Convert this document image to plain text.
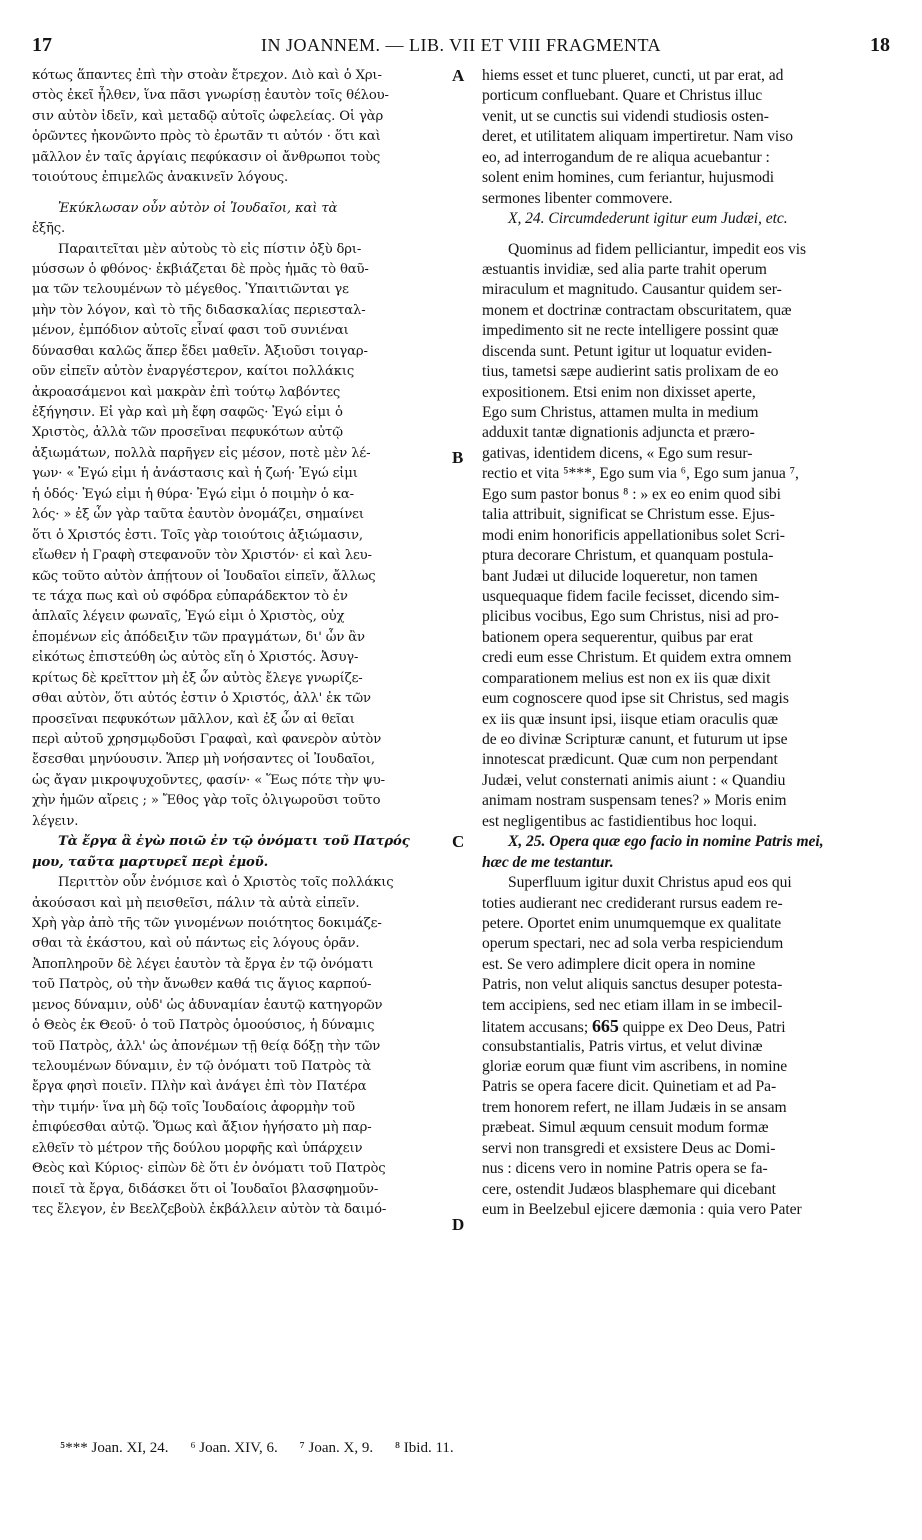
17	IN JOANNEM. — LIB. VII ET VIII FRAGMENTA	18
κότως ἅπαντες ἐπὶ τὴν στοὰν ἔτρεχον. Διὸ καὶ ὁ Χρι-
στὸς ἐκεῖ ἦλθεν, ἵνα πᾶσι γνωρίσῃ ἑαυτὸν τοῖς θέλου-
σιν αὐτὸν ἰδεῖν, καὶ μεταδῷ αὐτοῖς ὠφελείας. Οἱ γὰρ
ὁρῶντες ἠκονῶντο πρὸς τὸ ἐρωτᾶν τι αὐτόν · ὅτι καὶ
μᾶλλον ἐν ταῖς ἀργίαις πεφύκασιν οἱ ἄνθρωποι τοὺς
τοιούτους ἐπιμελῶς ἀνακινεῖν λόγους.
Ἐκύκλωσαν οὖν αὐτὸν οἱ Ἰουδαῖοι, καὶ τὰ
ἑξῆς.
Παραιτεῖται μὲν αὐτοὺς τὸ εἰς πίστιν ὀξὺ δρι-
μύσσων ὁ φθόνος· ἐκβιάζεται δὲ πρὸς ἡμᾶς τὸ θαῦ-
μα τῶν τελουμένων τὸ μέγεθος. Ὑπαιτιῶνται γε
μὴν τὸν λόγον, καὶ τὸ τῆς διδασκαλίας περιεσταλ-
μένον, ἐμπόδιον αὐτοῖς εἶναί φασι τοῦ συνιέναι
δύνασθαι καλῶς ἅπερ ἔδει μαθεῖν. Ἀξιοῦσι τοιγαρ-
οῦν εἰπεῖν αὐτὸν ἐναργέστερον, καίτοι πολλάκις
ἀκροασάμενοι καὶ μακρὰν ἐπὶ τούτῳ λαβόντες
ἐξήγησιν. Εἰ γὰρ καὶ μὴ ἔφη σαφῶς· Ἐγώ εἰμι ὁ
Χριστὸς, ἀλλὰ τῶν προσεῖναι πεφυκότων αὐτῷ
ἀξιωμάτων, πολλὰ παρῆγεν εἰς μέσον, ποτὲ μὲν λέ-
γων· « Ἐγώ εἰμι ἡ ἀνάστασις καὶ ἡ ζωή· Ἐγώ εἰμι
ἡ ὁδός· Ἐγώ εἰμι ἡ θύρα· Ἐγώ εἰμι ὁ ποιμὴν ὁ κα-
λός· » ἐξ ὧν γὰρ ταῦτα ἑαυτὸν ὀνομάζει, σημαίνει
ὅτι ὁ Χριστός ἐστι. Τοῖς γὰρ τοιούτοις ἀξιώμασιν,
εἴωθεν ἡ Γραφὴ στεφανοῦν τὸν Χριστόν· εἰ καὶ λευ-
κῶς τοῦτο αὐτὸν ἀπῄτουν οἱ Ἰουδαῖοι εἰπεῖν, ἄλλως
τε τάχα πως καὶ οὐ σφόδρα εὐπαράδεκτον τὸ ἐν
ἁπλαῖς λέγειν φωναῖς, Ἐγώ εἰμι ὁ Χριστὸς, οὐχ
ἑπομένων εἰς ἀπόδειξιν τῶν πραγμάτων, δι' ὧν ἂν
εἰκότως ἐπιστεύθη ὡς αὐτὸς εἴη ὁ Χριστός. Ἀσυγ-
κρίτως δὲ κρεῖττον μὴ ἐξ ὧν αὐτὸς ἔλεγε γνωρίζε-
σθαι αὐτὸν, ὅτι αὐτός ἐστιν ὁ Χριστός, ἀλλ' ἐκ τῶν
προσεῖναι πεφυκότων μᾶλλον, καὶ ἐξ ὧν αἱ θεῖαι
περὶ αὐτοῦ χρησμῳδοῦσι Γραφαὶ, καὶ φανερὸν αὐτὸν
ἔσεσθαι μηνύουσιν. Ἅπερ μὴ νοήσαντες οἱ Ἰουδαῖοι,
ὡς ἄγαν μικροψυχοῦντες, φασίν· « Ἕως πότε τὴν ψυ-
χὴν ἡμῶν αἴρεις ; » Ἔθος γὰρ τοῖς ὀλιγωροῦσι τοῦτο
λέγειν.
Τὰ ἔργα ἃ ἐγὼ ποιῶ ἐν τῷ ὀνόματι τοῦ Πατρός
μου, ταῦτα μαρτυρεῖ περὶ ἐμοῦ.
Περιττὸν οὖν ἐνόμισε καὶ ὁ Χριστὸς τοῖς πολλάκις
ἀκούσασι καὶ μὴ πεισθεῖσι, πάλιν τὰ αὐτὰ εἰπεῖν.
Χρὴ γὰρ ἀπὸ τῆς τῶν γινομένων ποιότητος δοκιμάζε-
σθαι τὰ ἑκάστου, καὶ οὐ πάντως εἰς λόγους ὁρᾶν.
Ἀποπληροῦν δὲ λέγει ἑαυτὸν τὰ ἔργα ἐν τῷ ὀνόματι
τοῦ Πατρὸς, οὐ τὴν ἄνωθεν καθά τις ἅγιος καρπού-
μενος δύναμιν, οὐδ' ὡς ἀδυναμίαν ἑαυτῷ κατηγορῶν
ὁ Θεὸς ἐκ Θεοῦ· ὁ τοῦ Πατρὸς ὁμοούσιος, ἡ δύναμις
τοῦ Πατρὸς, ἀλλ' ὡς ἀπονέμων τῇ θείᾳ δόξῃ τὴν τῶν
τελουμένων δύναμιν, ἐν τῷ ὀνόματι τοῦ Πατρὸς τὰ
ἔργα φησὶ ποιεῖν. Πλὴν καὶ ἀνάγει ἐπὶ τὸν Πατέρα
τὴν τιμήν· ἵνα μὴ δῷ τοῖς Ἰουδαίοις ἀφορμὴν τοῦ
ἐπιφύεσθαι αὐτῷ. Ὅμως καὶ ἄξιον ἡγήσατο μὴ παρ-
ελθεῖν τὸ μέτρον τῆς δούλου μορφῆς καὶ ὑπάρχειν
Θεὸς καὶ Κύριος· εἰπὼν δὲ ὅτι ἐν ὀνόματι τοῦ Πατρὸς
ποιεῖ τὰ ἔργα, διδάσκει ὅτι οἱ Ἰουδαῖοι βλασφημοῦν-
τες ἔλεγον, ἐν Βεελζεβοὺλ ἐκβάλλειν αὐτὸν τὰ δαιμό-
hiems esset et tunc plueret, cuncti, ut par erat, ad
porticum confluebant. Quare et Christus illuc
venit, ut se cunctis sui videndi studiosis osten-
deret, et utilitatem aliquam impertiretur. Nam viso
eo, ad interrogandum de re aliqua acuebantur :
solent enim homines, cum feriantur, hujusmodi
sermones libenter commovere.
X, 24. Circumdederunt igitur eum Judæi, etc.
Quominus ad fidem pelliciantur, impedit eos vis
æstuantis invidiæ, sed alia parte trahit operum
miraculum et magnitudo. Causantur quidem ser-
monem et doctrinæ contractam obscuritatem, quæ
impedimento sit ne recte intelligere possint quæ
discenda sunt. Petunt igitur ut loquatur eviden-
tius, tametsi sæpe audierint satis prolixam de eo
expositionem. Etsi enim non dixisset aperte,
Ego sum Christus, attamen multa in medium
adduxit tantæ dignationis adjuncta et præro-
gativas, identidem dicens, « Ego sum resur-
rectio et vita ⁵***, Ego sum via ⁶, Ego sum janua ⁷,
Ego sum pastor bonus ⁸ : » ex eo enim quod sibi
talia attribuit, significat se Christum esse. Ejus-
modi enim honorificis appellationibus solet Scri-
ptura decorare Christum, et quanquam postula-
bant Judæi ut dilucide loqueretur, non tamen
usquequaque fidem facile fecisset, dicendo sim-
plicibus vocibus, Ego sum Christus, nisi ad pro-
bationem opera sequerentur, quibus par erat
credi eum esse Christum. Et quidem extra omnem
comparationem melius est non ex iis quæ dixit
eum cognoscere quod ipse sit Christus, sed magis
ex iis quæ insunt ipsi, iisque etiam oraculis quæ
de eo divinæ Scripturæ canunt, et futurum ut ipse
innotescat prædicunt. Quæ cum non perpendant
Judæi, velut consternati animis aiunt : « Quandiu
animam nostram suspensam tenes? » Moris enim
est negligentibus ac fastidientibus hoc loqui.
X, 25. Opera quæ ego facio in nomine Patris mei,
hæc de me testantur.
Superfluum igitur duxit Christus apud eos qui
toties audierant nec crediderant rursus eadem re-
petere. Oportet enim unumquemque ex qualitate
operum spectari, nec ad sola verba respiciendum
est. Se vero adimplere dicit opera in nomine
Patris, non velut aliquis sanctus desuper potesta-
tem accipiens, sed nec etiam illam in se imbecil-
litatem accusans; 665 quippe ex Deo Deus, Patri
consubstantialis, Patris virtus, et velut divinæ
gloriæ eorum quæ fiunt vim ascribens, in nomine
Patris se opera facere dicit. Quinetiam et ad Pa-
trem honorem refert, ne illam Judæis in se ansam
præbeat. Simul æquum censuit modum formæ
servi non transgredi et exsistere Deus ac Domi-
nus : dicens vero in nomine Patris opera se fa-
cere, ostendit Judæos blasphemare qui dicebant
eum in Beelzebul ejicere dæmonia : quia vero Pater
A
B
C
D
⁵*** Joan. XI, 24. ⁶ Joan. XIV, 6. ⁷ Joan. X, 9. ⁸ Ibid. 11.
